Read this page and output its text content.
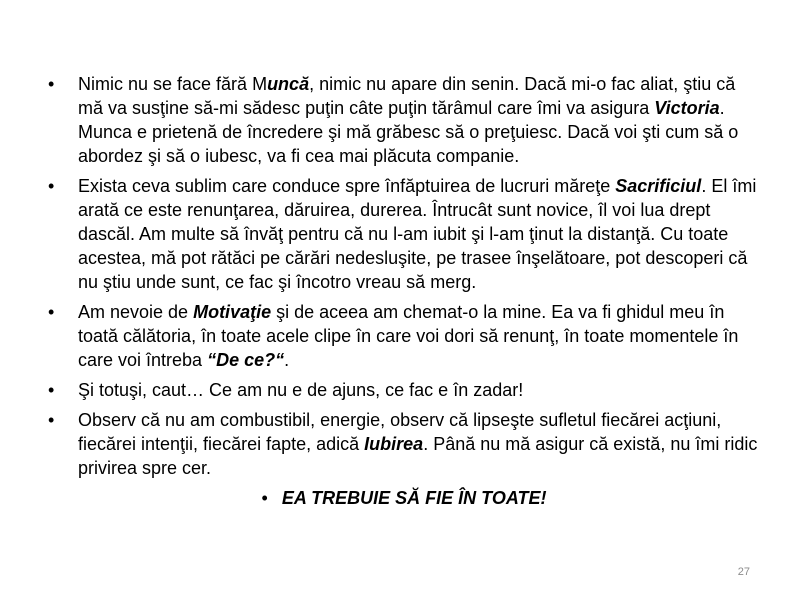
•	Nimic nu se face fără Muncă, nimic nu apare din senin. Dacă mi-o fac aliat, ştiu că mă va susţine să-mi sădesc puţin câte puţin tărâmul care îmi va asigura Victoria. Munca e prietenă de încredere şi mă grăbesc să o preţuiesc. Dacă voi şti cum să o abordez şi să o iubesc, va fi cea mai plăcuta companie.
•	Exista ceva sublim care conduce spre înfăptuirea de lucruri măreţe Sacrificiul. El îmi arată ce este renunţarea, dăruirea, durerea. Întrucât sunt novice, îl voi lua drept dascăl. Am multe să învăţ pentru că nu l-am iubit şi l-am ţinut la distanţă. Cu toate acestea, mă pot rătăci pe cărări nedesluşite, pe trasee înşelătoare, pot descoperi că nu ştiu unde sunt, ce fac şi încotro vreau să merg.
•	Am nevoie de Motivaţie şi de aceea am chemat-o la mine. Ea va fi ghidul meu în toată călătoria, în toate acele clipe în care voi dori să renunţ, în toate momentele în care voi întreba “De ce?“.
•	Şi totuşi, caut… Ce am nu e de ajuns, ce fac e în zadar!
•	Observ că nu am combustibil, energie, observ că lipseşte sufletul fiecărei acţiuni, fiecărei intenţii, fiecărei fapte, adică Iubirea. Până nu mă asigur că există, nu îmi ridic privirea spre cer.
• EA TREBUIE SĂ FIE ÎN TOATE!
27
